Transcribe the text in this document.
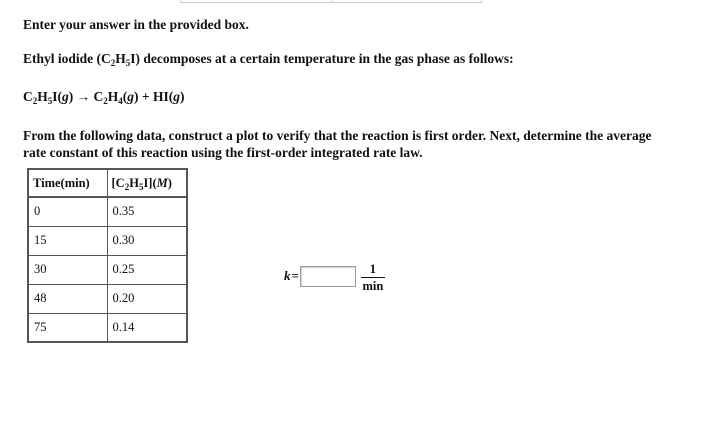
Enter your answer in the provided box.
Ethyl iodide $(C_2H_5I)$ decomposes at a certain temperature in the gas phase as follows:
$C_2H_5I(g) \to C_2H_4(g) + HI(g)$
From the following data, construct a plot to verify that the reaction is first order. Next, determine the average rate constant of this reaction using the first-order integrated rate law.
Time(min)	$[C_2H_5I](M)$
0	0.35
15	0.30
30	0.25
48	0.20
75	0.14
k =	$\frac{1}{\min}$
